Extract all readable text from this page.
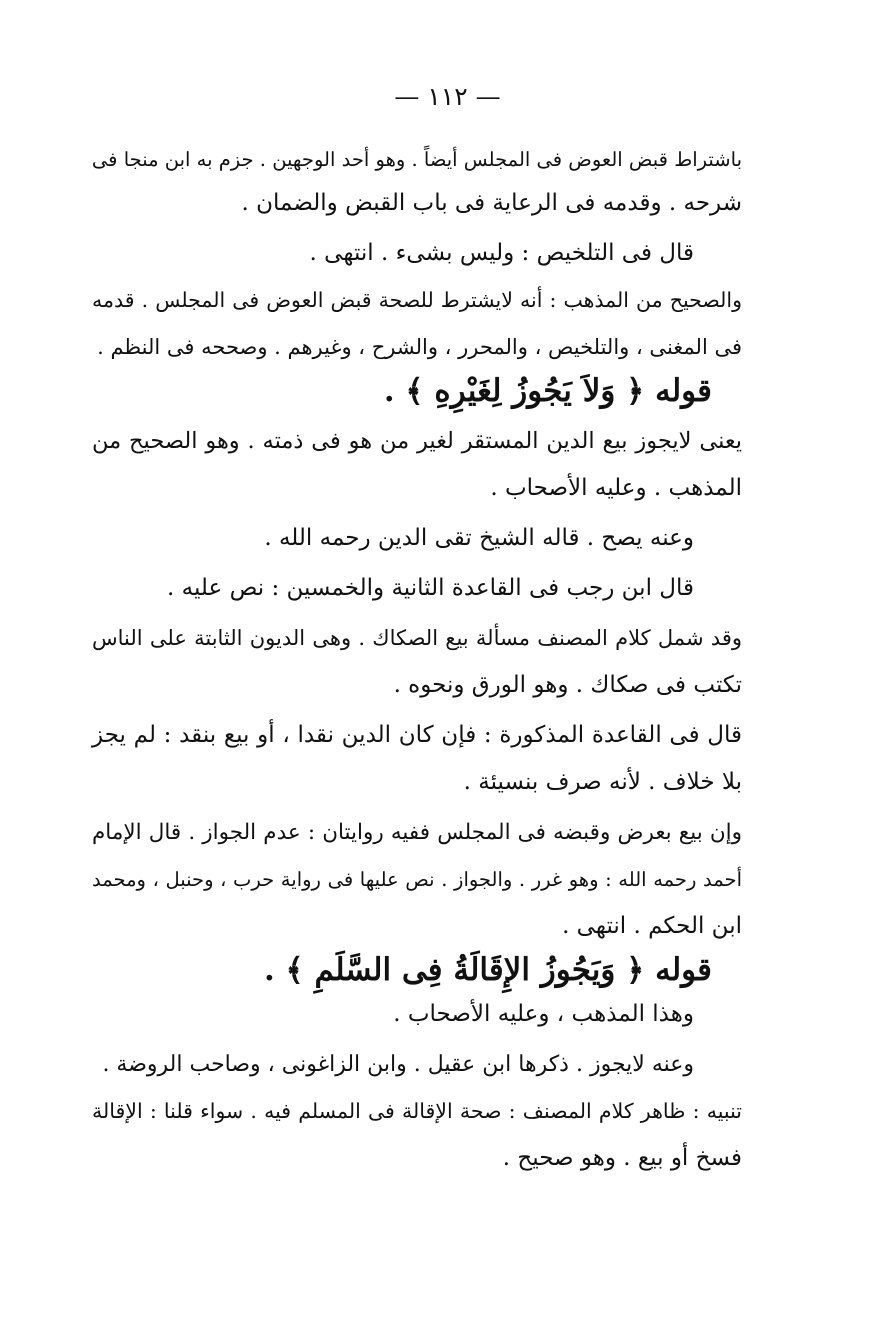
— ١١٢ —

باشتراط قبض العوض فى المجلس أيضاً . وهو أحد الوجهين . جزم به ابن منجا فى

شرحه . وقدمه فى الرعاية فى باب القبض والضمان .

قال فى التلخيص : وليس بشىء . انتهى .

والصحيح من المذهب : أنه لايشترط للصحة قبض العوض فى المجلس . قدمه

فى المغنى ، والتلخيص ، والمحرر ، والشرح ، وغيرهم . وصححه فى النظم .

قوله ﴿ وَلاَ يَجُوزُ لِغَيْرِهِ ﴾ .

يعنى لايجوز بيع الدين المستقر لغير من هو فى ذمته . وهو الصحيح من

المذهب . وعليه الأصحاب .

وعنه يصح . قاله الشيخ تقى الدين رحمه الله .

قال ابن رجب فى القاعدة الثانية والخمسين : نص عليه .

وقد شمل كلام المصنف مسألة بيع الصكاك . وهى الديون الثابتة على الناس

تكتب فى صكاك . وهو الورق ونحوه .

قال فى القاعدة المذكورة : فإن كان الدين نقدا ، أو بيع بنقد : لم يجز

بلا خلاف . لأنه صرف بنسيئة .

وإن بيع بعرض وقبضه فى المجلس ففيه روايتان : عدم الجواز . قال الإمام

أحمد رحمه الله : وهو غرر . والجواز . نص عليها فى رواية حرب ، وحنبل ، ومحمد

ابن الحكم . انتهى .

قوله ﴿ وَيَجُوزُ الإِقَالَةُ فِى السَّلَمِ ﴾ .

وهذا المذهب ، وعليه الأصحاب .

وعنه لايجوز . ذكرها ابن عقيل . وابن الزاغونى ، وصاحب الروضة .

تنبيه : ظاهر كلام المصنف : صحة الإقالة فى المسلم فيه . سواء قلنا : الإقالة

فسخ أو بيع . وهو صحيح .
